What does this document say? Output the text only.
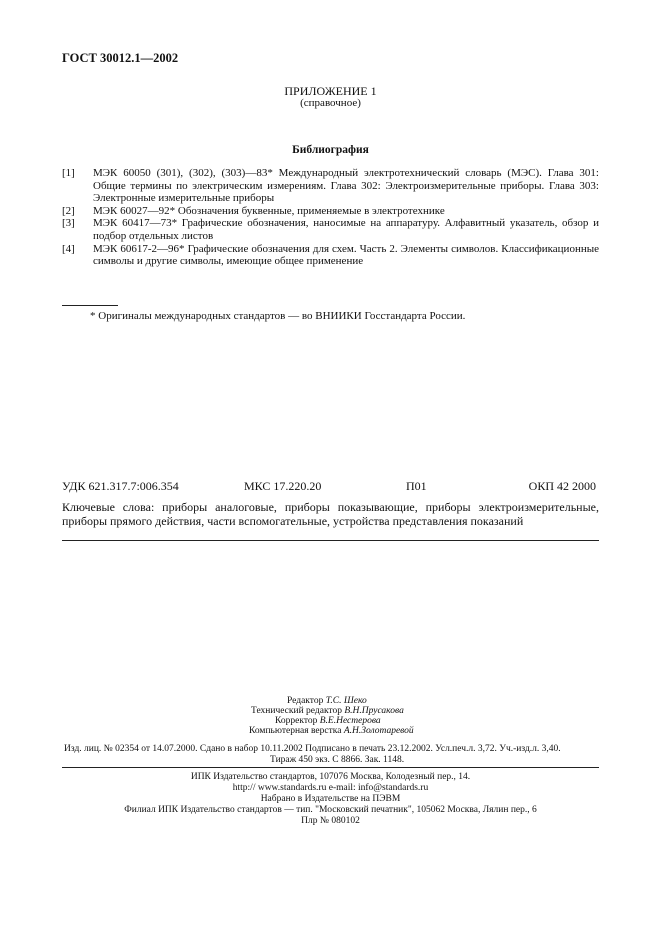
ГОСТ 30012.1—2002
ПРИЛОЖЕНИЕ 1
(справочное)
Библиография
[1]	МЭК 60050 (301), (302), (303)—83* Международный электротехнический словарь (МЭС). Глава 301: Общие термины по электрическим измерениям. Глава 302: Электроизмерительные приборы. Глава 303: Электронные измерительные приборы
[2]	МЭК 60027—92* Обозначения буквенные, применяемые в электротехнике
[3]	МЭК 60417—73* Графические обозначения, наносимые на аппаратуру. Алфавитный указатель, обзор и подбор отдельных листов
[4]	МЭК 60617-2—96* Графические обозначения для схем. Часть 2. Элементы символов. Классификационные символы и другие символы, имеющие общее применение
* Оригиналы международных стандартов — во ВНИИКИ Госстандарта России.
УДК 621.317.7:006.354	МКС 17.220.20	П01	ОКП 42 2000
Ключевые слова: приборы аналоговые, приборы показывающие, приборы электроизмерительные, приборы прямого действия, части вспомогательные, устройства представления показаний
Редактор Т.С. Шеко
Технический редактор В.Н.Прусакова
Корректор В.Е.Нестерова
Компьютерная верстка А.Н.Золотаревой
Изд. лиц. № 02354 от 14.07.2000. Сдано в набор 10.11.2002 Подписано в печать 23.12.2002. Усл.печ.л. 3,72. Уч.-изд.л. 3,40.
Тираж 450 экз. С 8866. Зак. 1148.
ИПК Издательство стандартов, 107076 Москва, Колодезный пер., 14.
http:// www.standards.ru e-mail: info@standards.ru
Набрано в Издательстве на ПЭВМ
Филиал ИПК Издательство стандартов — тип. "Московский печатник", 105062 Москва, Лялин пер., 6
Плр № 080102
